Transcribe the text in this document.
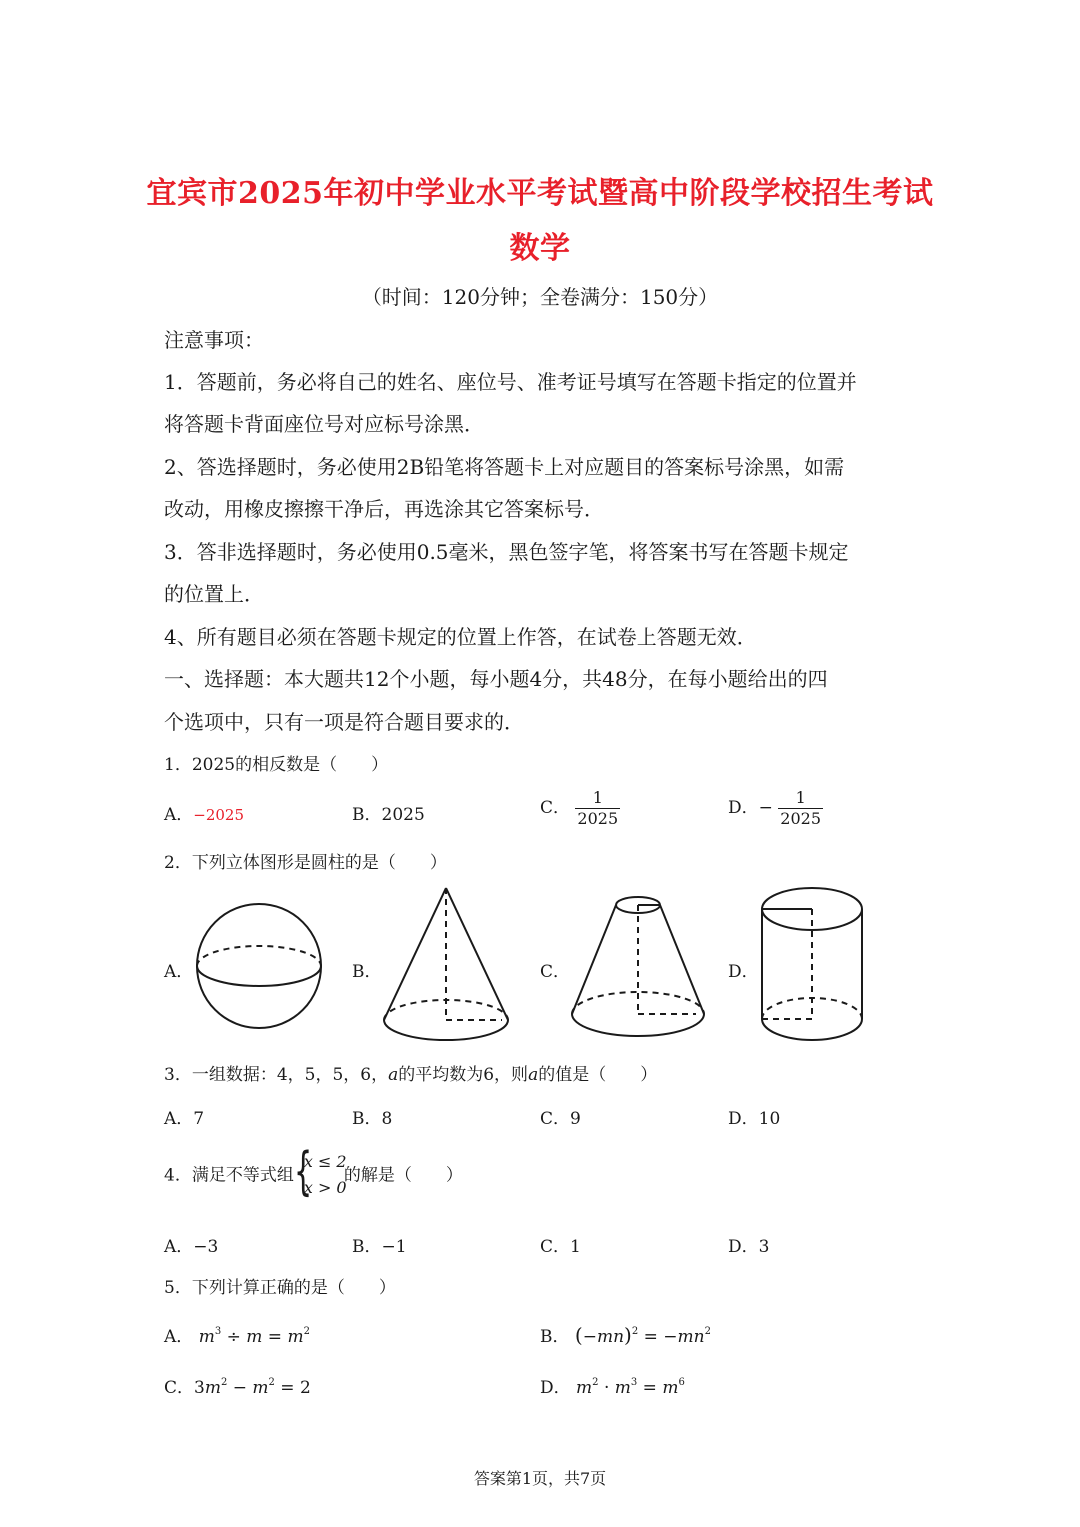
宜宾市2025年初中学业水平考试暨高中阶段学校招生考试
数学
（时间：120分钟；全卷满分：150分）
注意事项：
1．答题前，务必将自己的姓名、座位号、准考证号填写在答题卡指定的位置并
将答题卡背面座位号对应标号涂黑．
2、答选择题时，务必使用2B铅笔将答题卡上对应题目的答案标号涂黑，如需
改动，用橡皮擦擦干净后，再选涂其它答案标号．
3．答非选择题时，务必使用0.5毫米，黑色签字笔，将答案书写在答题卡规定
的位置上．
4、所有题目必须在答题卡规定的位置上作答，在试卷上答题无效．
一、选择题：本大题共12个小题，每小题4分，共48分，在每小题给出的四
个选项中，只有一项是符合题目要求的．
1．2025的相反数是（　　）
A．−2025	B．2025	C． $\frac{1}{2025}$	D．− $\frac{1}{2025}$
2．下列立体图形是圆柱的是（　　）
A．	B．	C．	D．
3．一组数据：4，5，5，6，a的平均数为6，则a的值是（　　）
A．7	B．8	C．9	D．10
4．满足不等式组 {
x ≤ 2
x > 0
的解是（　　）
A．−3	B．−1	C．1	D．3
5．下列计算正确的是（　　）
A． $m^3 \div m = m^2$	B． $(-mn)^2 = -mn^2$
C．$3m^2 - m^2 = 2$	D． $m^2 \cdot m^3 = m^6$
答案第1页，共7页
